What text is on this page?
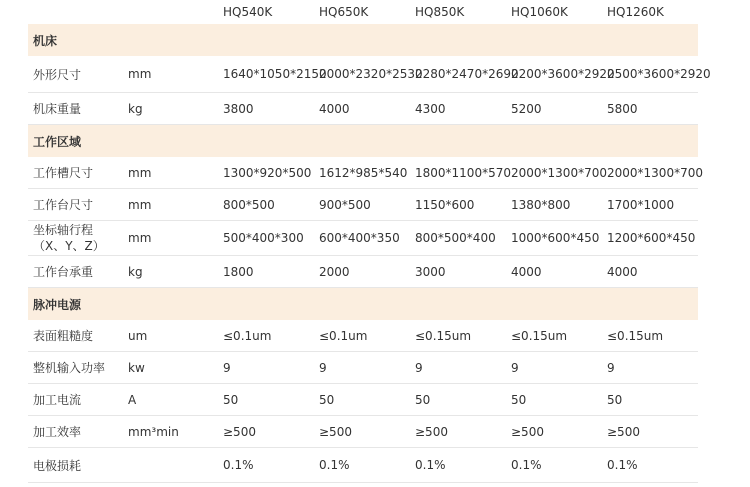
		HQ540K	HQ650K	HQ850K	HQ1060K	HQ1260K
机床						
外形尺寸	mm	1640*1050*2150	2000*2320*2530	2280*2470*2690	2200*3600*2920	2500*3600*2920
机床重量	kg	3800	4000	4300	5200	5800
工作区域						
工作槽尺寸	mm	1300*920*500	1612*985*540	1800*1100*570	2000*1300*700	2000*1300*700
工作台尺寸	mm	800*500	900*500	1150*600	1380*800	1700*1000
坐标轴行程
（X、Y、Z）	mm	500*400*300	600*400*350	800*500*400	1000*600*450	1200*600*450
工作台承重	kg	1800	2000	3000	4000	4000
脉冲电源						
表面粗糙度	um	≤0.1um	≤0.1um	≤0.15um	≤0.15um	≤0.15um
整机输入功率	kw	9	9	9	9	9
加工电流	A	50	50	50	50	50
加工效率	mm³min	≥500	≥500	≥500	≥500	≥500
电极损耗		0.1%	0.1%	0.1%	0.1%	0.1%
